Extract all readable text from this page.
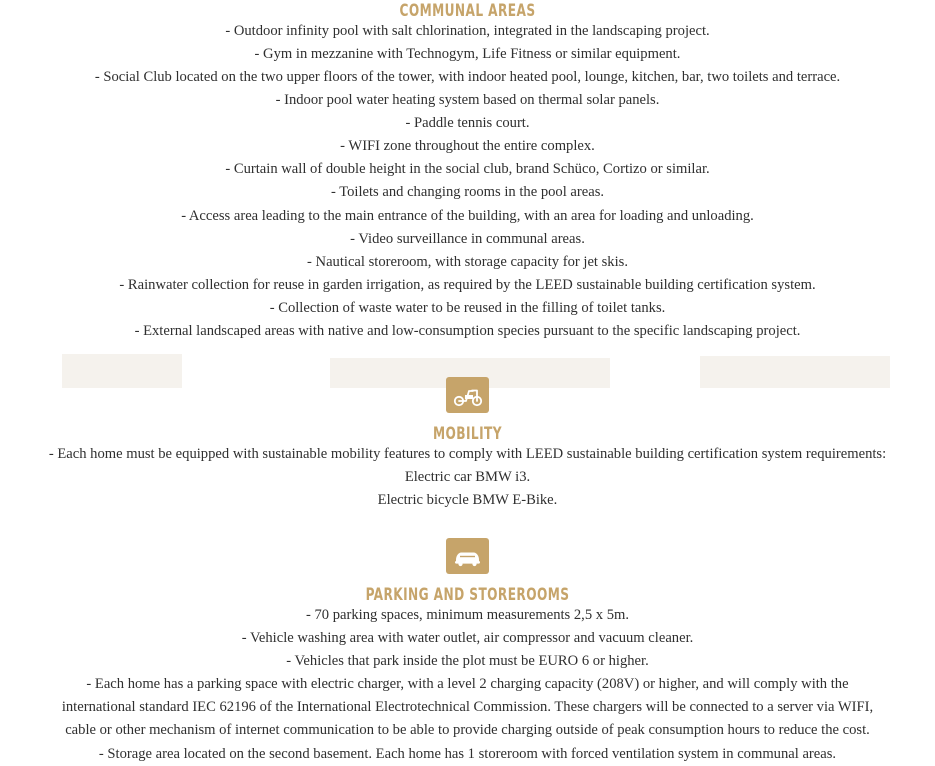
COMMUNAL AREAS
- Outdoor infinity pool with salt chlorination, integrated in the landscaping project.
- Gym in mezzanine with Technogym, Life Fitness or similar equipment.
- Social Club located on the two upper floors of the tower, with indoor heated pool, lounge, kitchen, bar, two toilets and terrace.
- Indoor pool water heating system based on thermal solar panels.
- Paddle tennis court.
- WIFI zone throughout the entire complex.
- Curtain wall of double height in the social club, brand Schüco, Cortizo or similar.
- Toilets and changing rooms in the pool areas.
- Access area leading to the main entrance of the building, with an area for loading and unloading.
- Video surveillance in communal areas.
- Nautical storeroom, with storage capacity for jet skis.
- Rainwater collection for reuse in garden irrigation, as required by the LEED sustainable building certification system.
- Collection of waste water to be reused in the filling of toilet tanks.
- External landscaped areas with native and low-consumption species pursuant to the specific landscaping project.
MOBILITY
- Each home must be equipped with sustainable mobility features to comply with LEED sustainable building certification system requirements:
Electric car BMW i3.
Electric bicycle BMW E-Bike.
PARKING AND STOREROOMS
- 70 parking spaces, minimum measurements 2,5 x 5m.
- Vehicle washing area with water outlet, air compressor and vacuum cleaner.
- Vehicles that park inside the plot must be EURO 6 or higher.
- Each home has a parking space with electric charger, with a level 2 charging capacity (208V) or higher, and will comply with the international standard IEC 62196 of the International Electrotechnical Commission. These chargers will be connected to a server via WIFI, cable or other mechanism of internet communication to be able to provide charging outside of peak consumption hours to reduce the cost.
- Storage area located on the second basement. Each home has 1 storeroom with forced ventilation system in communal areas.
